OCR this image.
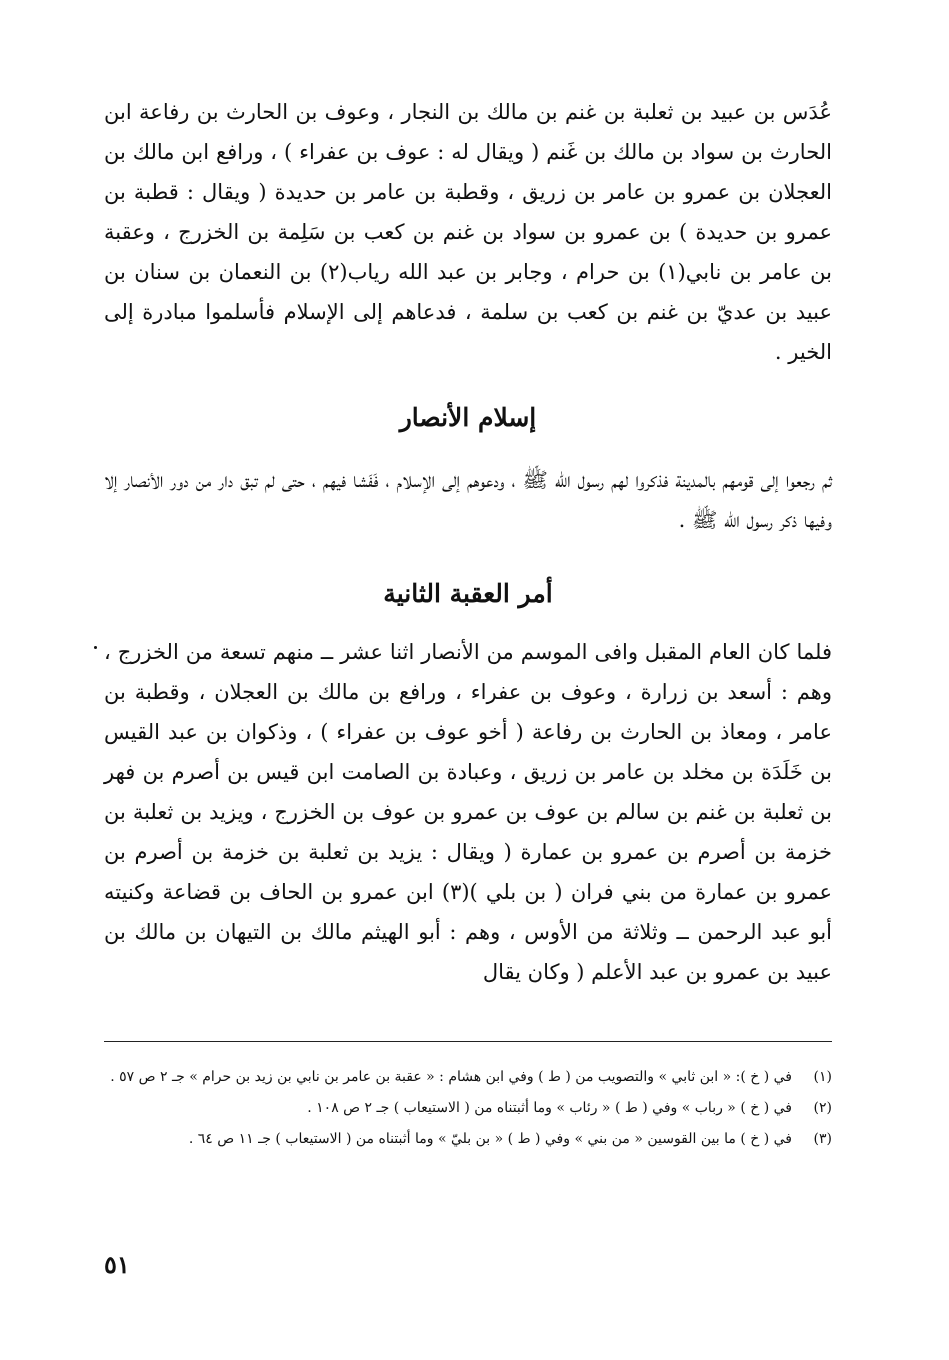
عُدَس بن عبيد بن ثعلبة بن غنم بن مالك بن النجار ، وعوف بن الحارث بن رفاعة ابن الحارث بن سواد بن مالك بن غَنم ( ويقال له : عوف بن عفراء ) ، ورافع ابن مالك بن العجلان بن عمرو بن عامر بن زريق ، وقطبة بن عامر بن حديدة ( ويقال : قطبة بن عمرو بن حديدة ) بن عمرو بن سواد بن غنم بن كعب بن سَلِمة بن الخزرج ، وعقبة بن عامر بن نابي(١) بن حرام ، وجابر بن عبد الله رياب(٢) بن النعمان بن سنان بن عبيد بن عديّ بن غنم بن كعب بن سلمة ، فدعاهم إلى الإسلام فأسلموا مبادرة إلى الخير .

إسلام الأنصار

ثم رجعوا إلى قومهم بالمدينة فذكروا لهم رسول الله ﷺ ، ودعوهم إلى الإسلام ، فَفَشا فيهم ، حتى لم تبق دار من دور الأنصار إلا وفيها ذكر رسول الله ﷺ .

أمر العقبة الثانية

فلما كان العام المقبل وافى الموسم من الأنصار اثنا عشر ــ منهم تسعة من الخزرج ، وهم : أسعد بن زرارة ، وعوف بن عفراء ، ورافع بن مالك بن العجلان ، وقطبة بن عامر ، ومعاذ بن الحارث بن رفاعة ( أخو عوف بن عفراء ) ، وذكوان بن عبد القيس بن خَلَدَة بن مخلد بن عامر بن زريق ، وعبادة بن الصامت ابن قيس بن أصرم بن فهر بن ثعلبة بن غنم بن سالم بن عوف بن عمرو بن عوف بن الخزرج ، ويزيد بن ثعلبة بن خزمة بن أصرم بن عمرو بن عمارة ( ويقال : يزيد بن ثعلبة بن خزمة بن أصرم بن عمرو بن عمارة من بني فران ( بن بلي )(٣) ابن عمرو بن الحاف بن قضاعة وكنيته أبو عبد الرحمن ــ وثلاثة من الأوس ، وهم : أبو الهيثم مالك بن التيهان بن مالك بن عبيد بن عمرو بن عبد الأعلم ( وكان يقال

(١)
في ( خ ): « ابن ثابي » والتصويب من ( ط ) وفي ابن هشام : « عقبة بن عامر بن نابي بن زيد بن حرام » جـ ٢ ص ٥٧ .
(٢)
في ( خ ) « رباب » وفي ( ط ) « رئاب » وما أثبتناه من ( الاستيعاب ) جـ ٢ ص ١٠٨ .
(٣)
في ( خ ) ما بين القوسين « من بني » وفي ( ط ) « بن بليّ » وما أثبتناه من ( الاستيعاب ) جـ ١١ ص ٦٤ .
٥١
